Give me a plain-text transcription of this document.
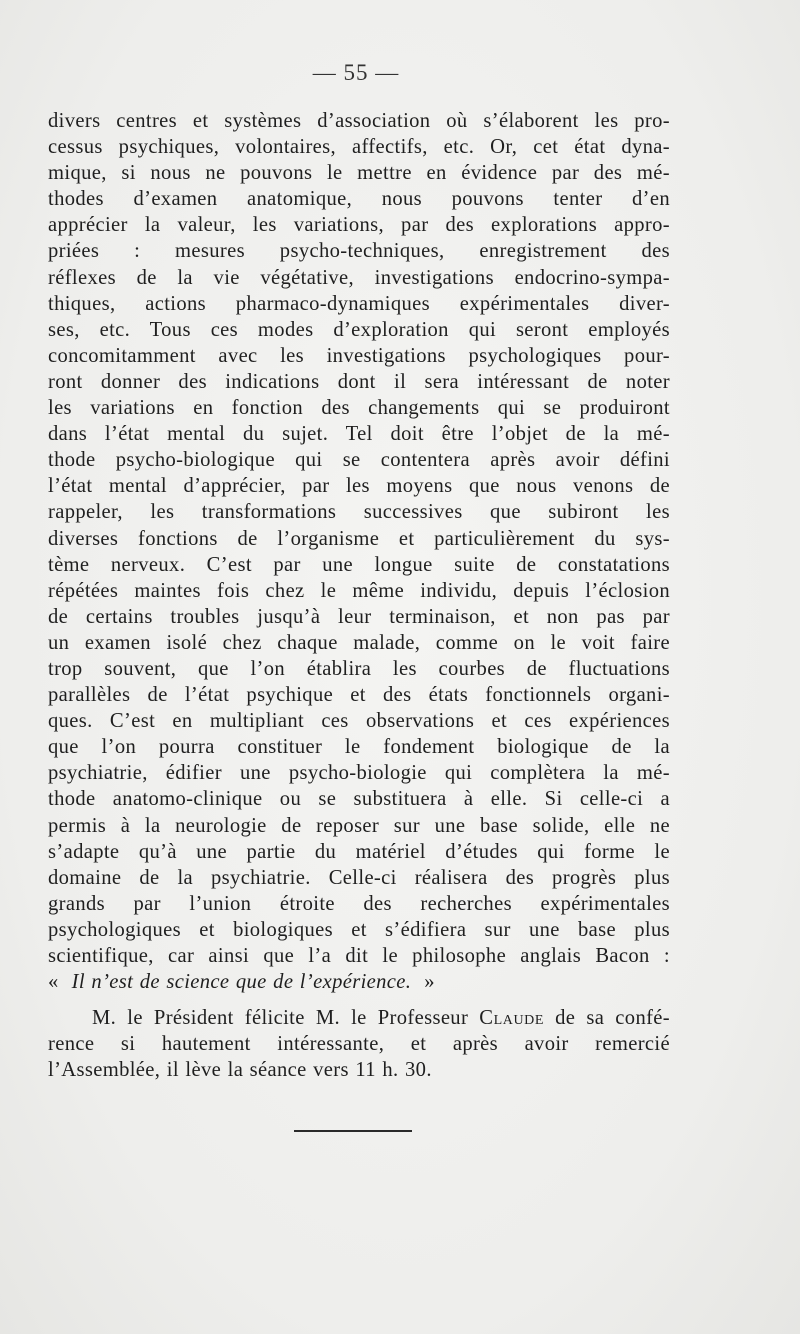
— 55 —
divers centres et systèmes d’association où s’élaborent les pro-
cessus psychiques, volontaires, affectifs, etc. Or, cet état dyna-
mique, si nous ne pouvons le mettre en évidence par des mé-
thodes d’examen anatomique, nous pouvons tenter d’en
apprécier la valeur, les variations, par des explorations appro-
priées : mesures psycho-techniques, enregistrement des
réflexes de la vie végétative, investigations endocrino-sympa-
thiques, actions pharmaco-dynamiques expérimentales diver-
ses, etc. Tous ces modes d’exploration qui seront employés
concomitamment avec les investigations psychologiques pour-
ront donner des indications dont il sera intéressant de noter
les variations en fonction des changements qui se produiront
dans l’état mental du sujet. Tel doit être l’objet de la mé-
thode psycho-biologique qui se contentera après avoir défini
l’état mental d’apprécier, par les moyens que nous venons de
rappeler, les transformations successives que subiront les
diverses fonctions de l’organisme et particulièrement du sys-
tème nerveux. C’est par une longue suite de constatations
répétées maintes fois chez le même individu, depuis l’éclosion
de certains troubles jusqu’à leur terminaison, et non pas par
un examen isolé chez chaque malade, comme on le voit faire
trop souvent, que l’on établira les courbes de fluctuations
parallèles de l’état psychique et des états fonctionnels organi-
ques. C’est en multipliant ces observations et ces expériences
que l’on pourra constituer le fondement biologique de la
psychiatrie, édifier une psycho-biologie qui complètera la mé-
thode anatomo-clinique ou se substituera à elle. Si celle-ci a
permis à la neurologie de reposer sur une base solide, elle ne
s’adapte qu’à une partie du matériel d’études qui forme le
domaine de la psychiatrie. Celle-ci réalisera des progrès plus
grands par l’union étroite des recherches expérimentales
psychologiques et biologiques et s’édifiera sur une base plus
scientifique, car ainsi que l’a dit le philosophe anglais Bacon :
« Il n’est de science que de l’expérience. »
M. le Président félicite M. le Professeur Claude de sa confé-
rence si hautement intéressante, et après avoir remercié
l’Assemblée, il lève la séance vers 11 h. 30.
